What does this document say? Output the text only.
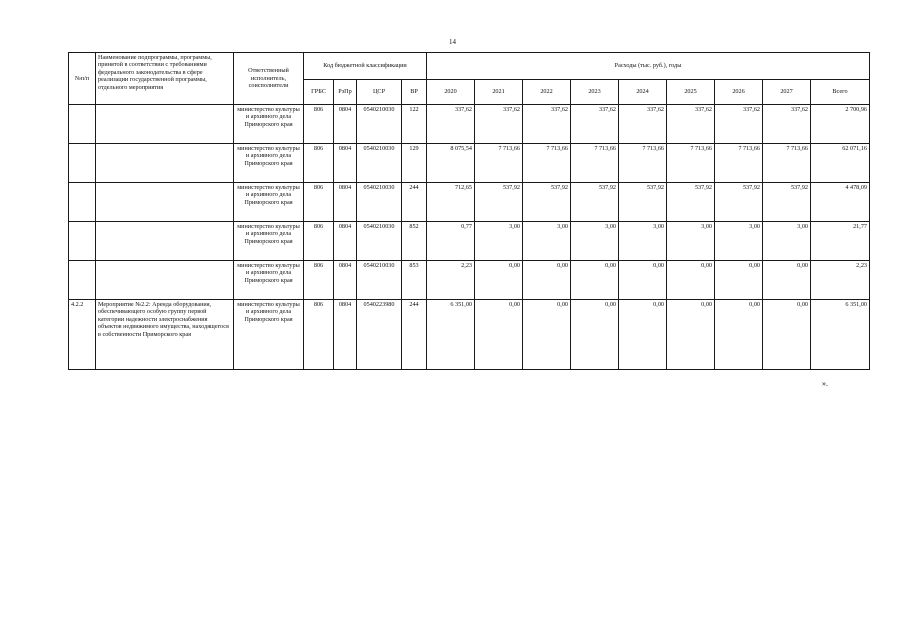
14
№п/п	Наименование подпрограммы, программы, принятой в соответствии с требованиями федерального законодательства в сфере реализации государственной программы, отдельного мероприятия	Ответственный исполнитель, соисполнители	Код бюджетной классификации				Расходы (тыс. руб.), годы								
			ГРБС	РзПр	ЦСР	ВР	2020	2021	2022	2023	2024	2025	2026	2027	Всего
		министерство культуры и архивного дела Приморского края	806	0804	0540210030	122	337,62	337,62	337,62	337,62	337,62	337,62	337,62	337,62	2 700,96
		министерство культуры и архивного дела Приморского края	806	0804	0540210030	129	8 075,54	7 713,66	7 713,66	7 713,66	7 713,66	7 713,66	7 713,66	7 713,66	62 071,16
		министерство культуры и архивного дела Приморского края	806	0804	0540210030	244	712,65	537,92	537,92	537,92	537,92	537,92	537,92	537,92	4 478,09
		министерство культуры и архивного дела Приморского края	806	0804	0540210030	852	0,77	3,00	3,00	3,00	3,00	3,00	3,00	3,00	21,77
		министерство культуры и архивного дела Приморского края	806	0804	0540210030	853	2,23	0,00	0,00	0,00	0,00	0,00	0,00	0,00	2,23
4.2.2	Мероприятие №2.2: Аренда оборудования, обеспечивающего особую группу первой категории надежности электроснабжения объектов недвижимого имущества, находящегося в собственности Приморского края	министерство культуры и архивного дела Приморского края	806	0804	0540223980	244	6 351,00	0,00	0,00	0,00	0,00	0,00	0,00	0,00	6 351,00
».
